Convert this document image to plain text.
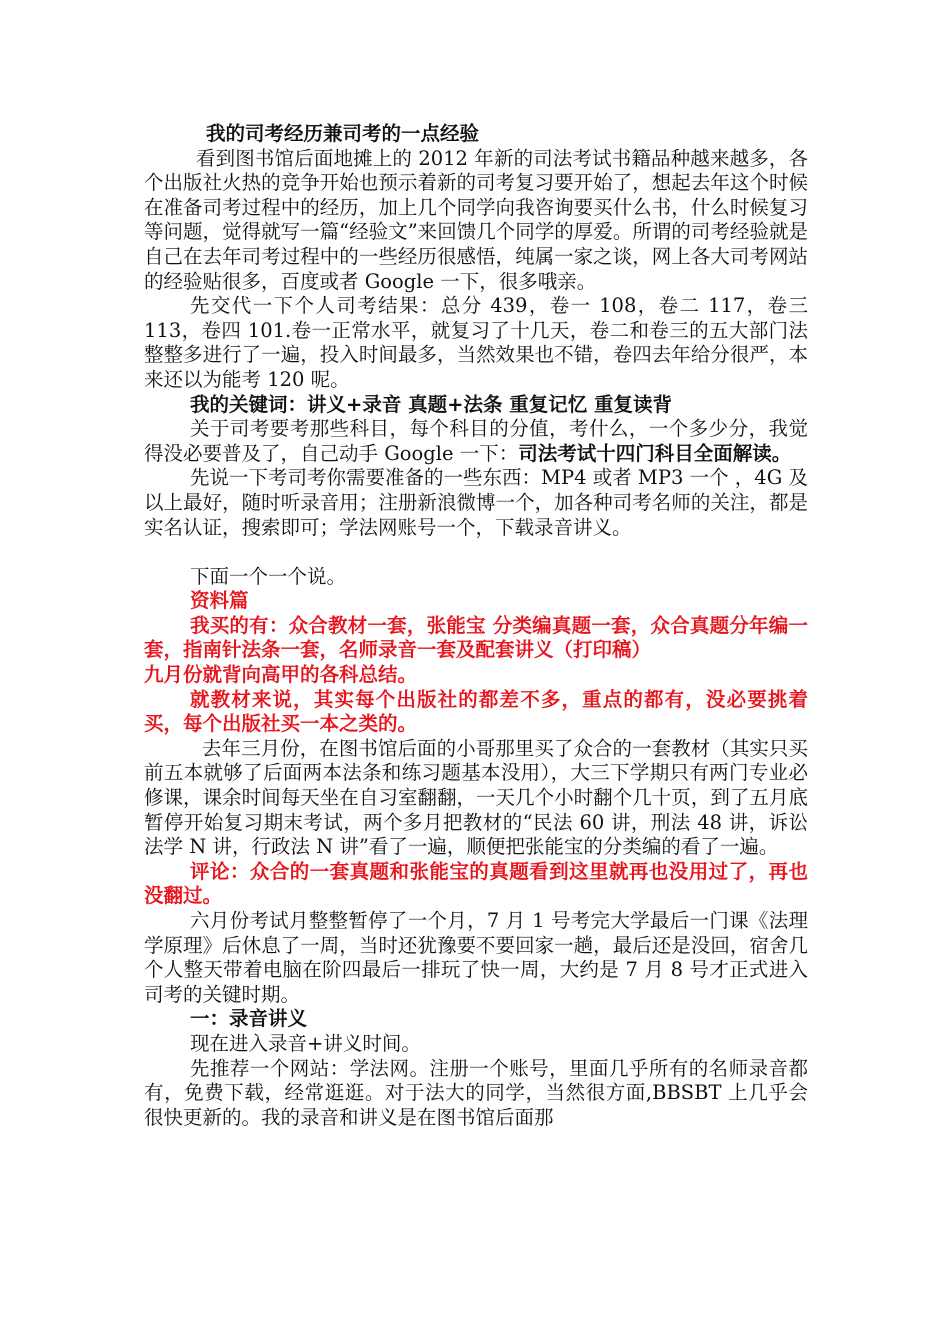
我的司考经历兼司考的一点经验

看到图书馆后面地摊上的 2012 年新的司法考试书籍品种越来越多，各个出版社火热的竞争开始也预示着新的司考复习要开始了，想起去年这个时候在准备司考过程中的经历，加上几个同学向我咨询要买什么书，什么时候复习等问题，觉得就写一篇“经验文”来回馈几个同学的厚爱。所谓的司考经验就是自己在去年司考过程中的一些经历很感悟，纯属一家之谈，网上各大司考网站的经验贴很多，百度或者 Google 一下，很多哦亲。

先交代一下个人司考结果：总分 439，卷一 108，卷二 117，卷三 113，卷四 101.卷一正常水平，就复习了十几天，卷二和卷三的五大部门法整整多进行了一遍，投入时间最多，当然效果也不错，卷四去年给分很严，本来还以为能考 120 呢。

我的关键词：讲义+录音 真题+法条 重复记忆 重复读背

关于司考要考那些科目，每个科目的分值，考什么，一个多少分，我觉得没必要普及了，自己动手 Google 一下：司法考试十四门科目全面解读。

先说一下考司考你需要准备的一些东西：MP4 或者 MP3 一个 ，4G 及以上最好，随时听录音用；注册新浪微博一个，加各种司考名师的关注，都是实名认证，搜索即可；学法网账号一个，下载录音讲义。

下面一个一个说。

资料篇

我买的有：众合教材一套，张能宝 分类编真题一套，众合真题分年编一套，指南针法条一套，名师录音一套及配套讲义（打印稿）

九月份就背向高甲的各科总结。

就教材来说，其实每个出版社的都差不多，重点的都有，没必要挑着买，每个出版社买一本之类的。

去年三月份，在图书馆后面的小哥那里买了众合的一套教材（其实只买前五本就够了后面两本法条和练习题基本没用），大三下学期只有两门专业必修课，课余时间每天坐在自习室翻翻，一天几个小时翻个几十页，到了五月底暂停开始复习期末考试，两个多月把教材的“民法 60 讲，刑法 48 讲，诉讼法学 N 讲，行政法 N 讲”看了一遍，顺便把张能宝的分类编的看了一遍。

评论：众合的一套真题和张能宝的真题看到这里就再也没用过了，再也没翻过。

六月份考试月整整暂停了一个月，7 月 1 号考完大学最后一门课《法理学原理》后休息了一周，当时还犹豫要不要回家一趟，最后还是没回，宿舍几个人整天带着电脑在阶四最后一排玩了快一周，大约是 7 月 8 号才正式进入司考的关键时期。

一：录音讲义

现在进入录音+讲义时间。

先推荐一个网站：学法网。注册一个账号，里面几乎所有的名师录音都有，免费下载，经常逛逛。对于法大的同学，当然很方面,BBSBT 上几乎会很快更新的。我的录音和讲义是在图书馆后面那
